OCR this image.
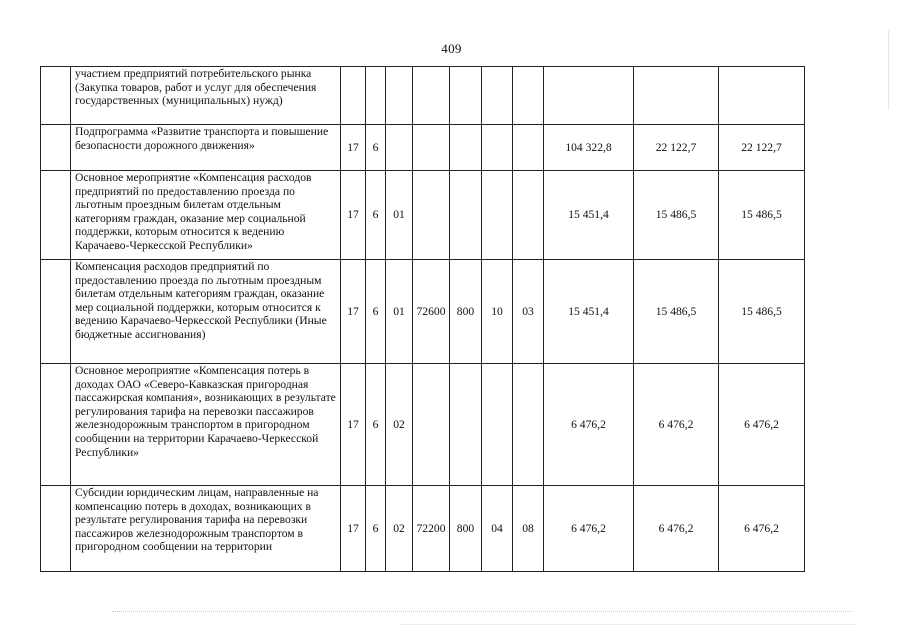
409
	участием предприятий потребительского рынка (Закупка товаров, работ и услуг для обеспечения государственных (муниципальных) нужд)										
	Подпрограмма «Развитие транспорта и повышение безопасности дорожного движения»	17	6						104 322,8	22 122,7	22 122,7
	Основное мероприятие «Компенсация расходов предприятий по предоставлению проезда по льготным проездным билетам отдельным категориям граждан, оказание мер социальной поддержки, которым относится к ведению Карачаево-Черкесской Республики»	17	6	01					15 451,4	15 486,5	15 486,5
	Компенсация расходов предприятий по предоставлению проезда по льготным проездным билетам отдельным категориям граждан, оказание мер социальной поддержки, которым относится к ведению Карачаево-Черкесской Республики (Иные бюджетные ассигнования)	17	6	01	72600	800	10	03	15 451,4	15 486,5	15 486,5
	Основное мероприятие «Компенсация потерь в доходах ОАО «Северо-Кавказская пригородная пассажирская компания», возникающих в результате регулирования тарифа на перевозки пассажиров железнодорожным транспортом в пригородном сообщении на территории Карачаево-Черкесской Республики»	17	6	02					6 476,2	6 476,2	6 476,2
	Субсидии юридическим лицам, направленные на компенсацию потерь в доходах, возникающих в результате регулирования тарифа на перевозки пассажиров железнодорожным транспортом в пригородном сообщении на территории	17	6	02	72200	800	04	08	6 476,2	6 476,2	6 476,2
